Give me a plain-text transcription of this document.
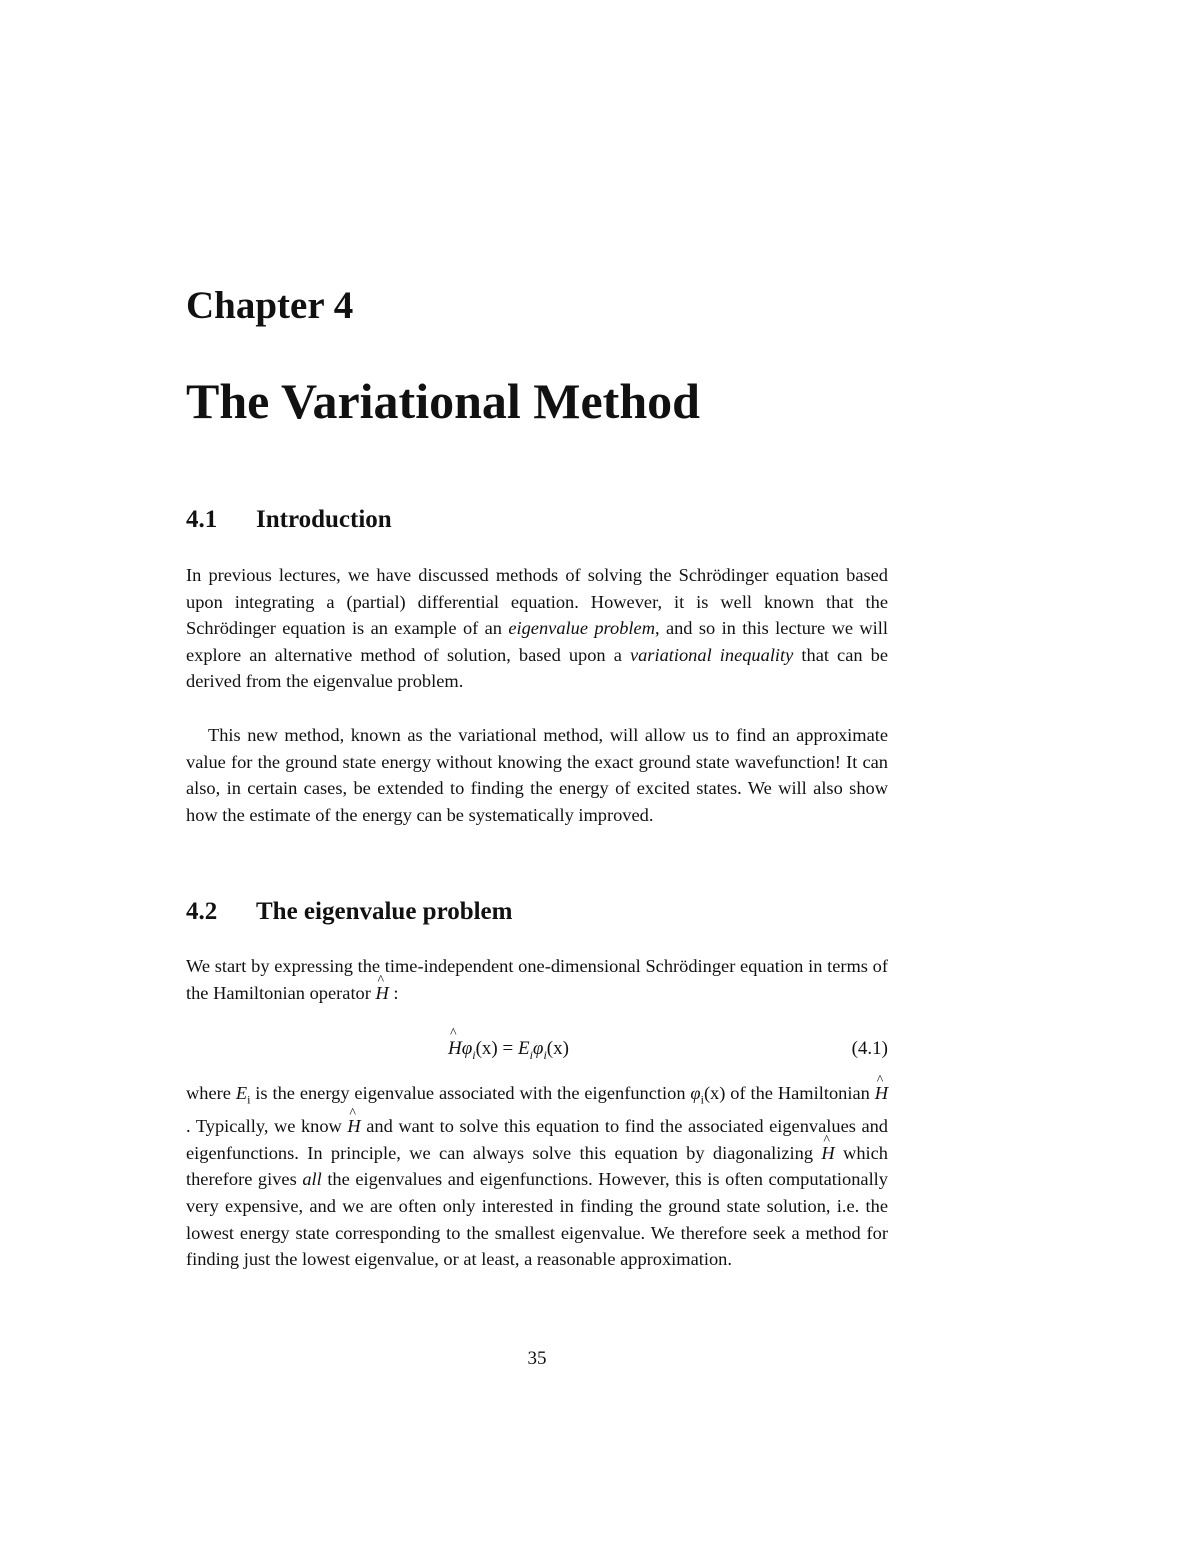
Chapter 4
The Variational Method
4.1 Introduction

In previous lectures, we have discussed methods of solving the Schrödinger equation based upon integrating a (partial) differential equation. However, it is well known that the Schrödinger equation is an example of an eigenvalue problem, and so in this lecture we will explore an alternative method of solution, based upon a variational inequality that can be derived from the eigenvalue problem.

This new method, known as the variational method, will allow us to find an approximate value for the ground state energy without knowing the exact ground state wavefunction! It can also, in certain cases, be extended to finding the energy of excited states. We will also show how the estimate of the energy can be systematically improved.

4.2 The eigenvalue problem

We start by expressing the time-independent one-dimensional Schrödinger equation in terms of the Hamiltonian operator ^ H :

^ $H\varphi_i(x) = E_i\varphi_i(x)$	(4.1)

where $E_i$ is the energy eigenvalue associated with the eigenfunction $\varphi_i(x)$ of the Hamiltonian ^ H. Typically, we know ^ H and want to solve this equation to find the associated eigenvalues and eigenfunctions. In principle, we can always solve this equation by diagonalizing ^ H which therefore gives all the eigenvalues and eigenfunctions. However, this is often computationally very expensive, and we are often only interested in finding the ground state solution, i.e. the lowest energy state corresponding to the smallest eigenvalue. We therefore seek a method for finding just the lowest eigenvalue, or at least, a reasonable approximation.

35
